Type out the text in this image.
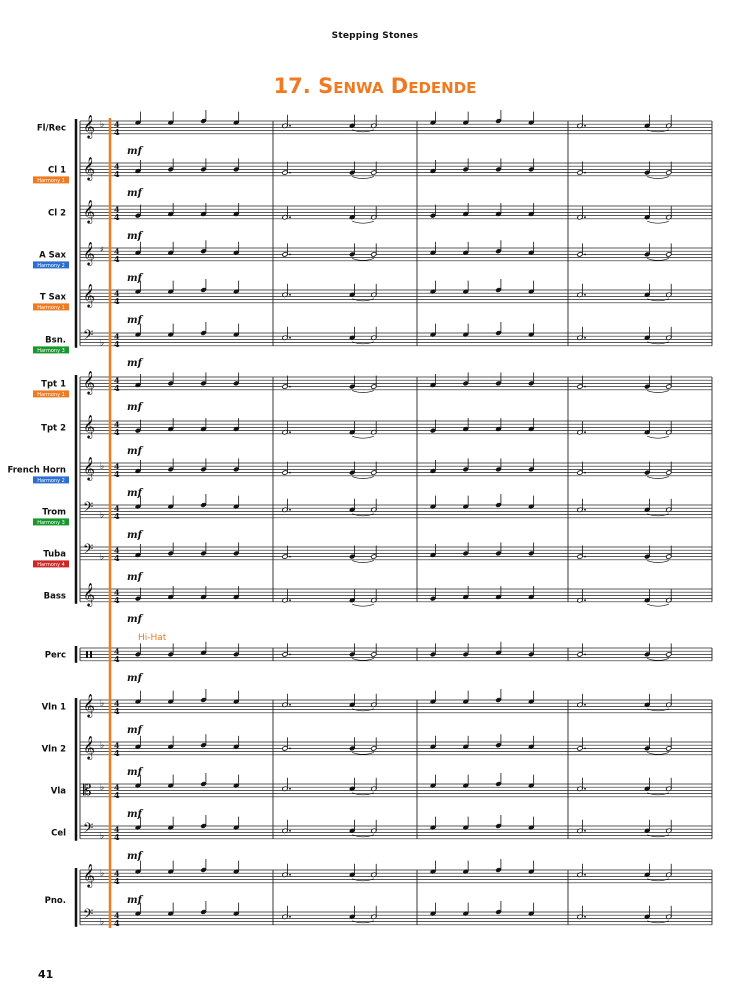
Stepping Stones
17. Senwa Dedende
𝄞 ♭ 4
4
mf
Fl/Rec
𝄞 4
4
mf
Cl 1
Harmony 1
𝄞 4
4
mf
Cl 2
𝄞 ♯ 4
4
mf
A Sax
Harmony 2
𝄞 4
4
mf
T Sax
Harmony 1
𝄢 ♭
4
4
mf
Bsn.
Harmony 3
𝄞 4
4
mf
Tpt 1
Harmony 1
𝄞 4
4
mf
Tpt 2
𝄞 ♭ 4
4
mf
French Horn
Harmony 2
𝄢 ♭
4
4
mf
Trom
Harmony 3
𝄢 ♭
4
4
mf
Tuba
Harmony 4
𝄞 4
4
mf
Bass
4
4
mf
Perc
𝄞 ♭ 4
4
mf
Vln 1
𝄞 ♭ 4
4
mf
Vln 2
𝄡 ♭ 4
4
mf
Vla
𝄢 ♭
4
4
mf
Cel
𝄞 ♭ 4
4
mf
𝄢 ♭
4
4
Pno.
Hi-Hat
41
